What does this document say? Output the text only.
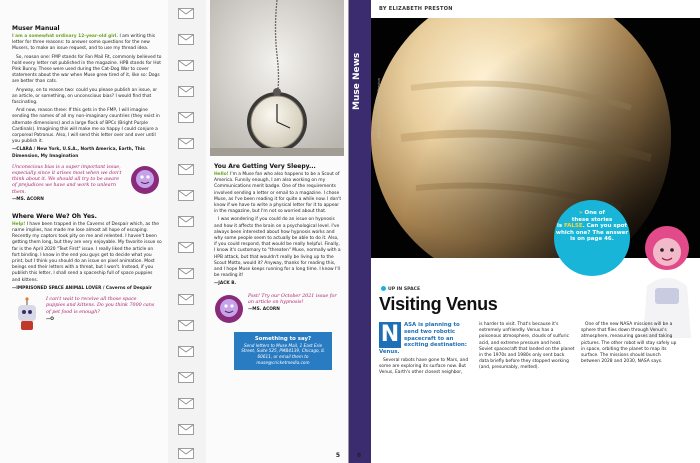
Muser Manual

I am a somewhat ordinary 12-year-old girl. I am writing this letter for three reasons: to answer some questions for the new Musers, to make an issue request, and to use my thread idea.

So, reason one: FMP stands for Fan Mail Fit, commonly believed to hold every letter not published in the magazine. HPB stands for Hot Pink Bunny. These were used during the Cat-Dog War to cover statements about the war when Muse grew tired of it, like so: Dogs are better than cats.

Anyway, on to reason two: could you please publish an issue, or an article, or something, on unconscious bias? I would find that fascinating.

And now, reason three: If this gets in the FMP, I will imagine sending the names of all my non-imaginary countries (they exist in alternate dimensions) and a large flock of BPCs (Bright Purple Cardinals). Imagining this will make me so happy I could conjure a corporeal Patronus. Also, I will send this letter over and over until you publish it.

—CLARA / New York, U.S.A., North America, Earth, This Dimension, My Imagination
Unconscious bias is a super important issue, especially since it arises most when we don't think about it. We should all try to be aware of prejudices we have and work to unlearn them.
—MS. ACORN
Where Were We? Oh Yes.

Help! I have been trapped in the Caverns of Despair which, as the name implies, has made me lose almost all hope of escaping. Recently my captors took pity on me and relented. I haven't been getting them long, but they are very enjoyable. My favorite issue so far is the April 2020 "Text First" issue. I really liked the article on fort binding. I know in the end you guys get to decide what you print, but I think you should do an issue on pixel animation. Most beings end their letters with a threat, but I won't. Instead, if you publish this letter, I shall send a spaceship full of space puppies and kittens.

—IMPRISONED SPACE ANIMAL LOVER / Caverns of Despair
I can't wait to receive all those space puppies and kittens. Do you think 7000 cans of pet food is enough?
—O
You Are Getting Very Sleepy...

Hello! I'm a Muse fan who also happens to be a Scout of America. Funnily enough, I am also working on my Communications merit badge. One of the requirements involved sending a letter or email to a magazine. I chose Muse, as I've been reading it for quite a while now. I don't know if we have to write a physical letter for it to appear in the magazine, but I'm not so worried about that.

I was wondering if you could do an issue on hypnosis and how it affects the brain on a psychological level. I've always been interested about how hypnosis works and why some people seem to actually be able to do it. Also, if you could respond, that would be really helpful. Finally, I know it's customary to "threaten" Muse, normally with a HPB attack, but that wouldn't really be living up to the Scout Motto, would it? Anyway, thanks for reading this, and I hope Muse keeps running for a long time. I know I'll be reading it!

—JACK B.
Psst! Try our October 2021 issue for an article on hypnosis!
—MS. ACORN
Something to say?
Send letters to Muse Mail, 1 East Erie Street, Suite 525, PMB4139, Chicago, IL 60611, or email them to muse@cricketmedia.com
5
BY ELIZABETH PRESTON
Muse News	ESA © 2021 by Elizabeth Preston
» One of
these stories
is FALSE. Can you spot which one? The answer is on page 46.
UP IN SPACE
Visiting Venus
N ASA is planning to send two robotic spacecraft to an exciting destination: Venus.

Several robots have gone to Mars, and some are exploring its surface now. But Venus, Earth's other closest neighbor,

is harder to visit. That's because it's extremely unfriendly. Venus has a poisonous atmosphere, clouds of sulfuric acid, and extreme pressure and heat. Soviet spacecraft that landed on the planet in the 1970s and 1980s only sent back data briefly before they stopped working (and, presumably, melted).

One of the new NASA missions will be a sphere that flies down through Venus's atmosphere, measuring gases and taking pictures. The other robot will stay safely up in space, orbiting the planet to map its surface. The missions should launch between 2028 and 2030, NASA says.

6
